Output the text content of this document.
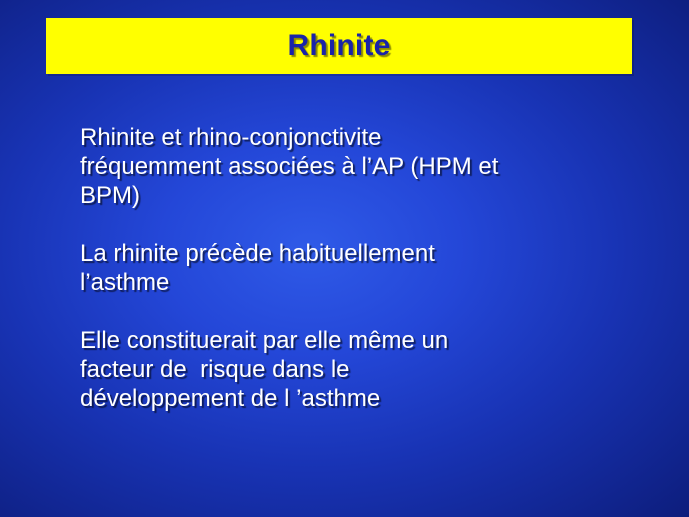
Rhinite

Rhinite et rhino-conjonctivite
fréquemment associées à l’AP (HPM et
BPM)

La rhinite précède habituellement
l’asthme

Elle constituerait par elle même un
facteur de  risque dans le
développement de l ’asthme
